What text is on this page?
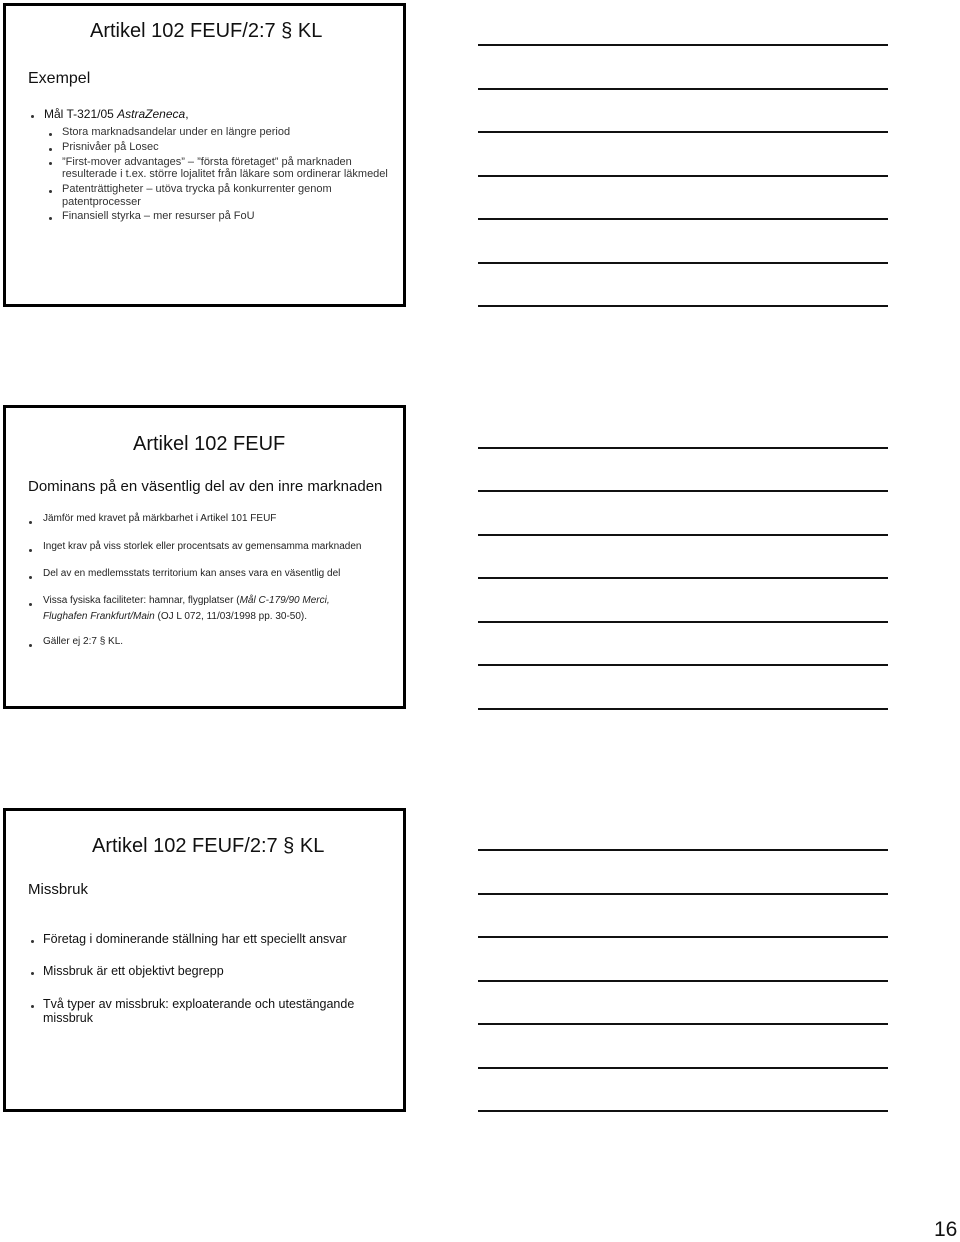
Artikel 102 FEUF/2:7 § KL
Exempel
Mål T-321/05 AstraZeneca,
Stora marknadsandelar under en längre period
Prisnivåer på Losec
”First-mover advantages” – ”första företaget” på marknaden
resulterade i t.ex. större lojalitet från läkare som ordinerar läkmedel
Patenträttigheter – utöva trycka på konkurrenter genom
patentprocesser
Finansiell styrka – mer resurser på FoU
Artikel 102 FEUF
Dominans på en väsentlig del av den inre marknaden
Jämför med kravet på märkbarhet i Artikel 101 FEUF
Inget krav på viss storlek eller procentsats av gemensamma marknaden
Del av en medlemsstats territorium kan anses vara en väsentlig del
Vissa fysiska faciliteter: hamnar, flygplatser (Mål C-179/90 Merci,
Flughafen Frankfurt/Main (OJ L 072, 11/03/1998 pp. 30-50).
Gäller ej 2:7 § KL.
Artikel 102 FEUF/2:7 § KL
Missbruk
Företag i dominerande ställning har ett speciellt ansvar
Missbruk är ett objektivt begrepp
Två typer av missbruk: exploaterande och utestängande
missbruk
16
